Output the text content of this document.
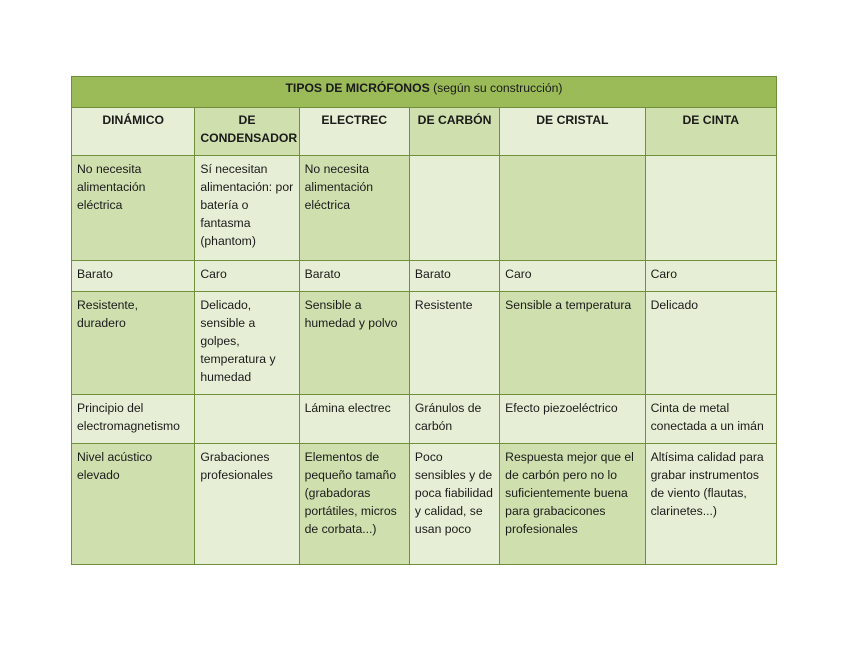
TIPOS DE MICRÓFONOS (según su construcción)					
DINÁMICO	DE CONDENSADOR	ELECTREC	DE CARBÓN	DE CRISTAL	DE CINTA
No necesita alimentación eléctrica	Sí necesitan alimentación: por batería o fantasma (phantom)	No necesita alimentación eléctrica			
Barato	Caro	Barato	Barato	Caro	Caro
Resistente, duradero	Delicado, sensible a golpes, temperatura y humedad	Sensible a humedad y polvo	Resistente	Sensible a temperatura	Delicado
Principio del electromagnetismo		Lámina electrec	Gránulos de carbón	Efecto piezoeléctrico	Cinta de metal conectada a un imán
Nivel acústico elevado	Grabaciones profesionales	Elementos de pequeño tamaño (grabadoras portátiles, micros de corbata...)	Poco sensibles y de poca fiabilidad y calidad, se usan poco	Respuesta mejor que el de carbón pero no lo suficientemente buena para grabacicones profesionales	Altísima calidad para grabar instrumentos de viento (flautas, clarinetes...)
